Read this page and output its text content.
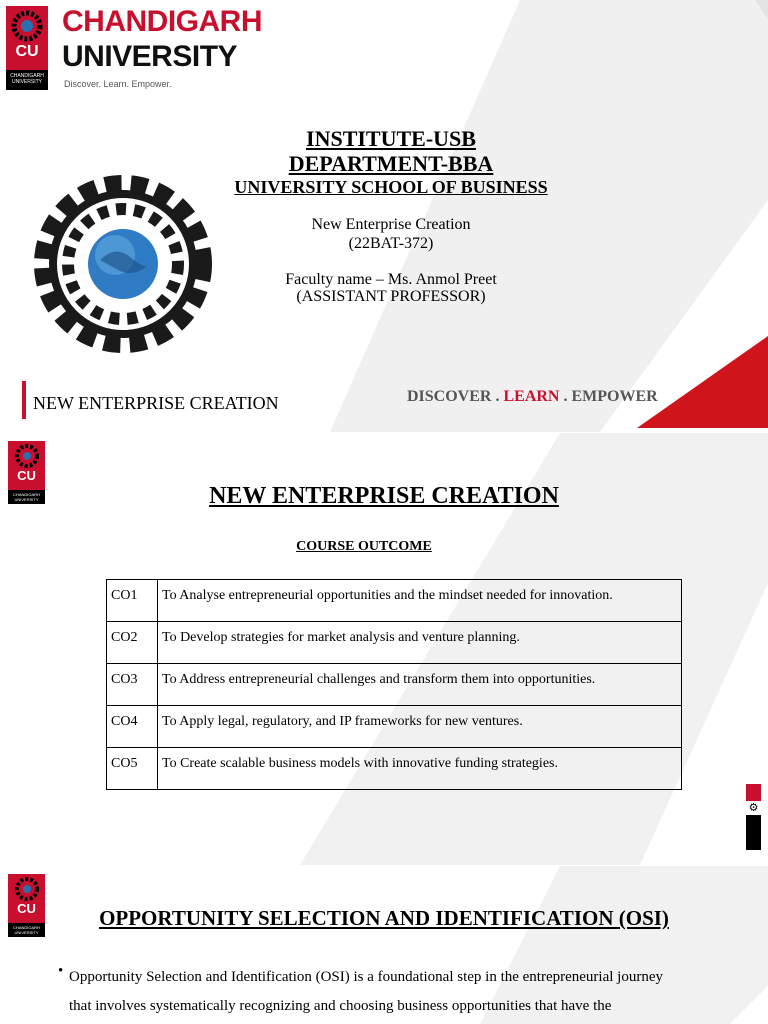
CU
CHANDIGARH UNIVERSITY
CHANDIGARH
UNIVERSITY
Discover. Learn. Empower.
INSTITUTE-USB
DEPARTMENT-BBA
UNIVERSITY SCHOOL OF BUSINESS
New Enterprise Creation
(22BAT-372)
Faculty name – Ms. Anmol Preet
(ASSISTANT PROFESSOR)
NEW ENTERPRISE CREATION	DISCOVER . LEARN . EMPOWER
CU
CHANDIGARH UNIVERSITY	NEW ENTERPRISE CREATION
COURSE OUTCOME
CO1	To Analyse entrepreneurial opportunities and the mindset needed for innovation.
CO2	To Develop strategies for market analysis and venture planning.
CO3	To Address entrepreneurial challenges and transform them into opportunities.
CO4	To Apply legal, regulatory, and IP frameworks for new ventures.
CO5	To Create scalable business models with innovative funding strategies.
⚙
CU
CHANDIGARH UNIVERSITY
OPPORTUNITY SELECTION AND IDENTIFICATION (OSI)
• Opportunity Selection and Identification (OSI) is a foundational step in the entrepreneurial journey
that involves systematically recognizing and choosing business opportunities that have the
